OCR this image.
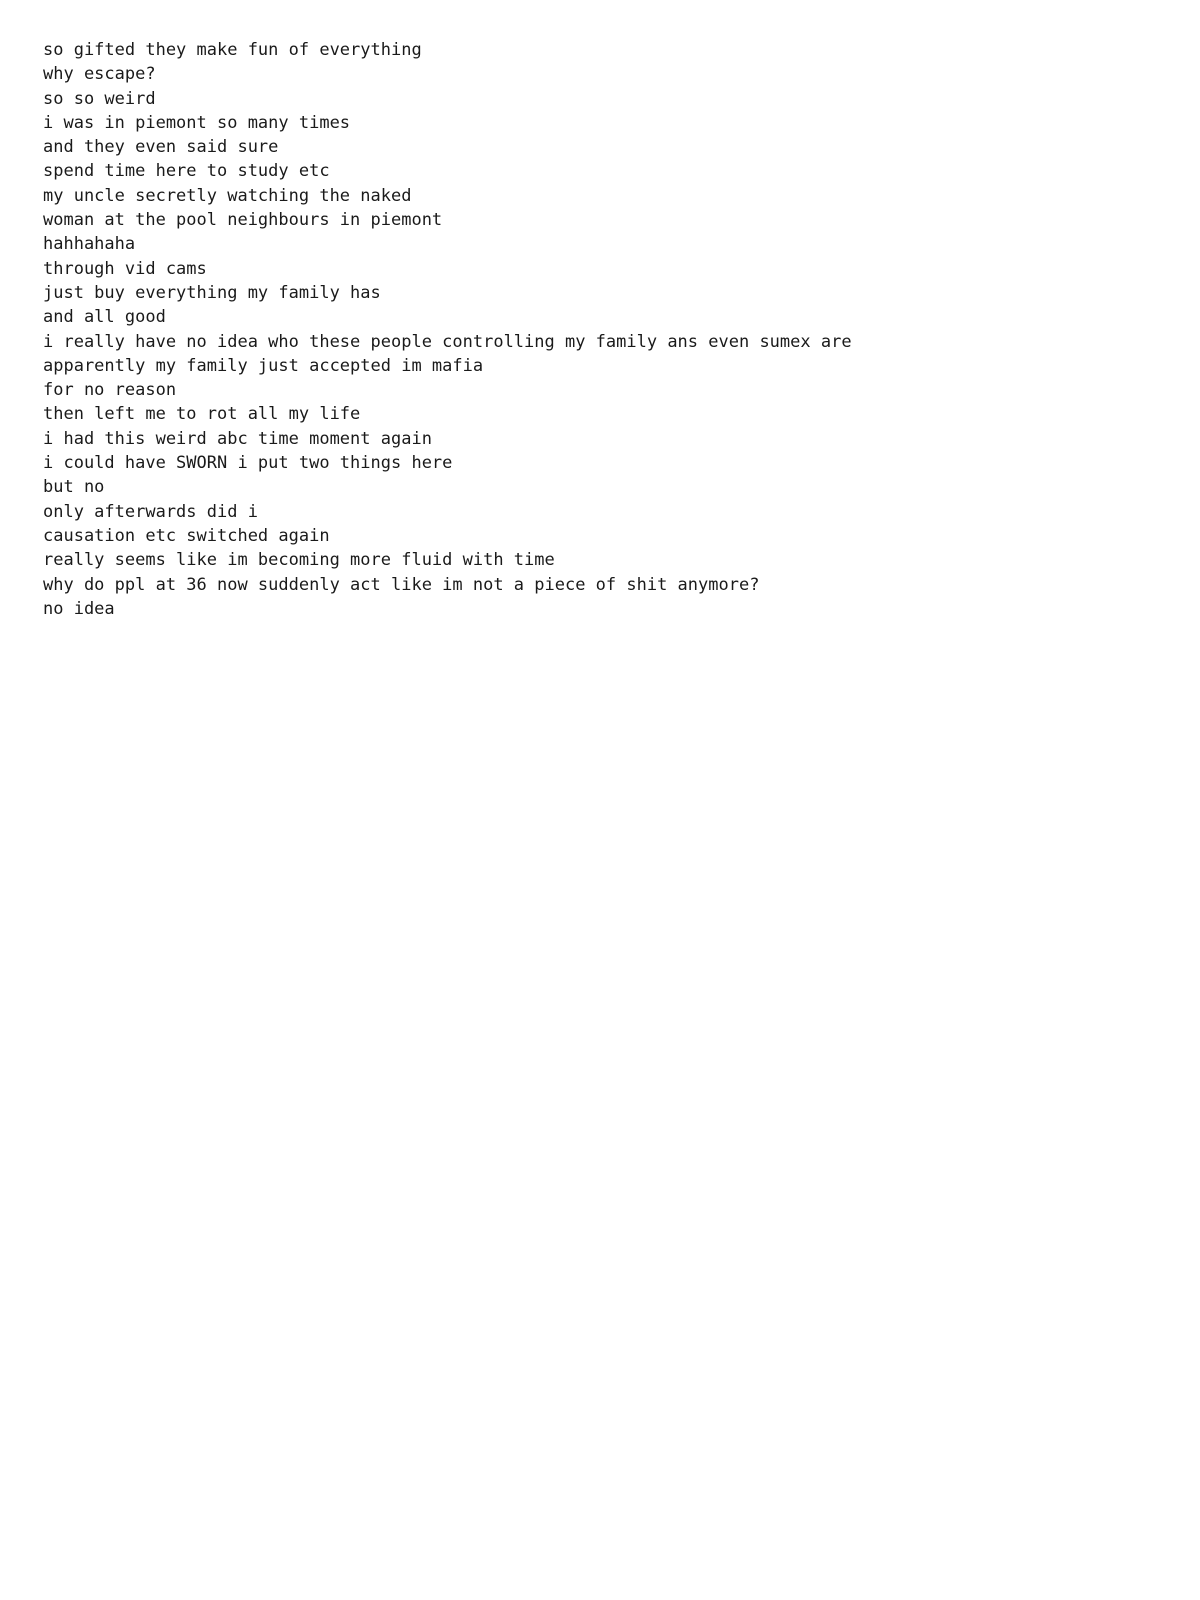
so gifted they make fun of everything
why escape?
so so weird
i was in piemont so many times
and they even said sure
spend time here to study etc
my uncle secretly watching the naked
woman at the pool neighbours in piemont
hahhahaha
through vid cams
just buy everything my family has
and all good
i really have no idea who these people controlling my family ans even sumex are
apparently my family just accepted im mafia
for no reason
then left me to rot all my life
i had this weird abc time moment again
i could have SWORN i put two things here
but no
only afterwards did i
causation etc switched again
really seems like im becoming more fluid with time
why do ppl at 36 now suddenly act like im not a piece of shit anymore?
no idea
